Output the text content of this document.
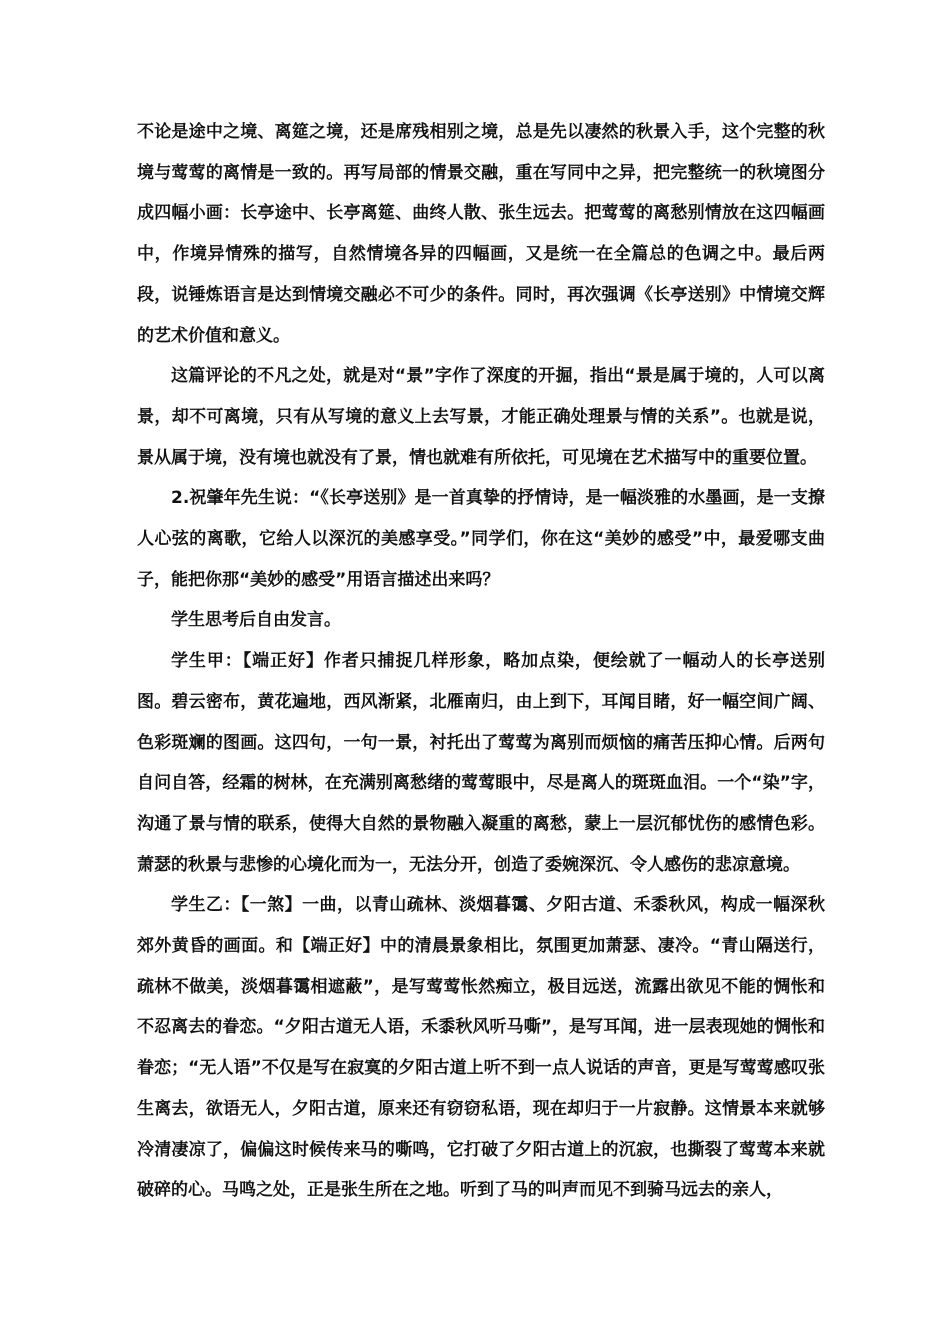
不论是途中之境、离筵之境，还是席残相别之境，总是先以凄然的秋景入手，这个完整的秋境与莺莺的离情是一致的。再写局部的情景交融，重在写同中之异，把完整统一的秋境图分成四幅小画：长亭途中、长亭离筵、曲终人散、张生远去。把莺莺的离愁别情放在这四幅画中，作境异情殊的描写，自然情境各异的四幅画，又是统一在全篇总的色调之中。最后两段，说锤炼语言是达到情境交融必不可少的条件。同时，再次强调《长亭送别》中情境交辉的艺术价值和意义。

这篇评论的不凡之处，就是对“景”字作了深度的开掘，指出“景是属于境的，人可以离景，却不可离境，只有从写境的意义上去写景，才能正确处理景与情的关系”。也就是说，景从属于境，没有境也就没有了景，情也就难有所依托，可见境在艺术描写中的重要位置。

2.祝肇年先生说：“《长亭送别》是一首真挚的抒情诗，是一幅淡雅的水墨画，是一支撩人心弦的离歌，它给人以深沉的美感享受。”同学们，你在这“美妙的感受”中，最爱哪支曲子，能把你那“美妙的感受”用语言描述出来吗？

学生思考后自由发言。

学生甲：【端正好】作者只捕捉几样形象，略加点染，便绘就了一幅动人的长亭送别图。碧云密布，黄花遍地，西风渐紧，北雁南归，由上到下，耳闻目睹，好一幅空间广阔、色彩斑斓的图画。这四句，一句一景，衬托出了莺莺为离别而烦恼的痛苦压抑心情。后两句自问自答，经霜的树林，在充满别离愁绪的莺莺眼中，尽是离人的斑斑血泪。一个“染”字，沟通了景与情的联系，使得大自然的景物融入凝重的离愁，蒙上一层沉郁忧伤的感情色彩。萧瑟的秋景与悲惨的心境化而为一，无法分开，创造了委婉深沉、令人感伤的悲凉意境。

学生乙：【一煞】一曲，以青山疏林、淡烟暮霭、夕阳古道、禾黍秋风，构成一幅深秋郊外黄昏的画面。和【端正好】中的清晨景象相比，氛围更加萧瑟、凄冷。“青山隔送行，疏林不做美，淡烟暮霭相遮蔽”，是写莺莺怅然痴立，极目远送，流露出欲见不能的惆怅和不忍离去的眷恋。“夕阳古道无人语，禾黍秋风听马嘶”，是写耳闻，进一层表现她的惆怅和眷恋；“无人语”不仅是写在寂寞的夕阳古道上听不到一点人说话的声音，更是写莺莺感叹张生离去，欲语无人，夕阳古道，原来还有窃窃私语，现在却归于一片寂静。这情景本来就够冷清凄凉了，偏偏这时候传来马的嘶鸣，它打破了夕阳古道上的沉寂，也撕裂了莺莺本来就破碎的心。马鸣之处，正是张生所在之地。听到了马的叫声而见不到骑马远去的亲人，
